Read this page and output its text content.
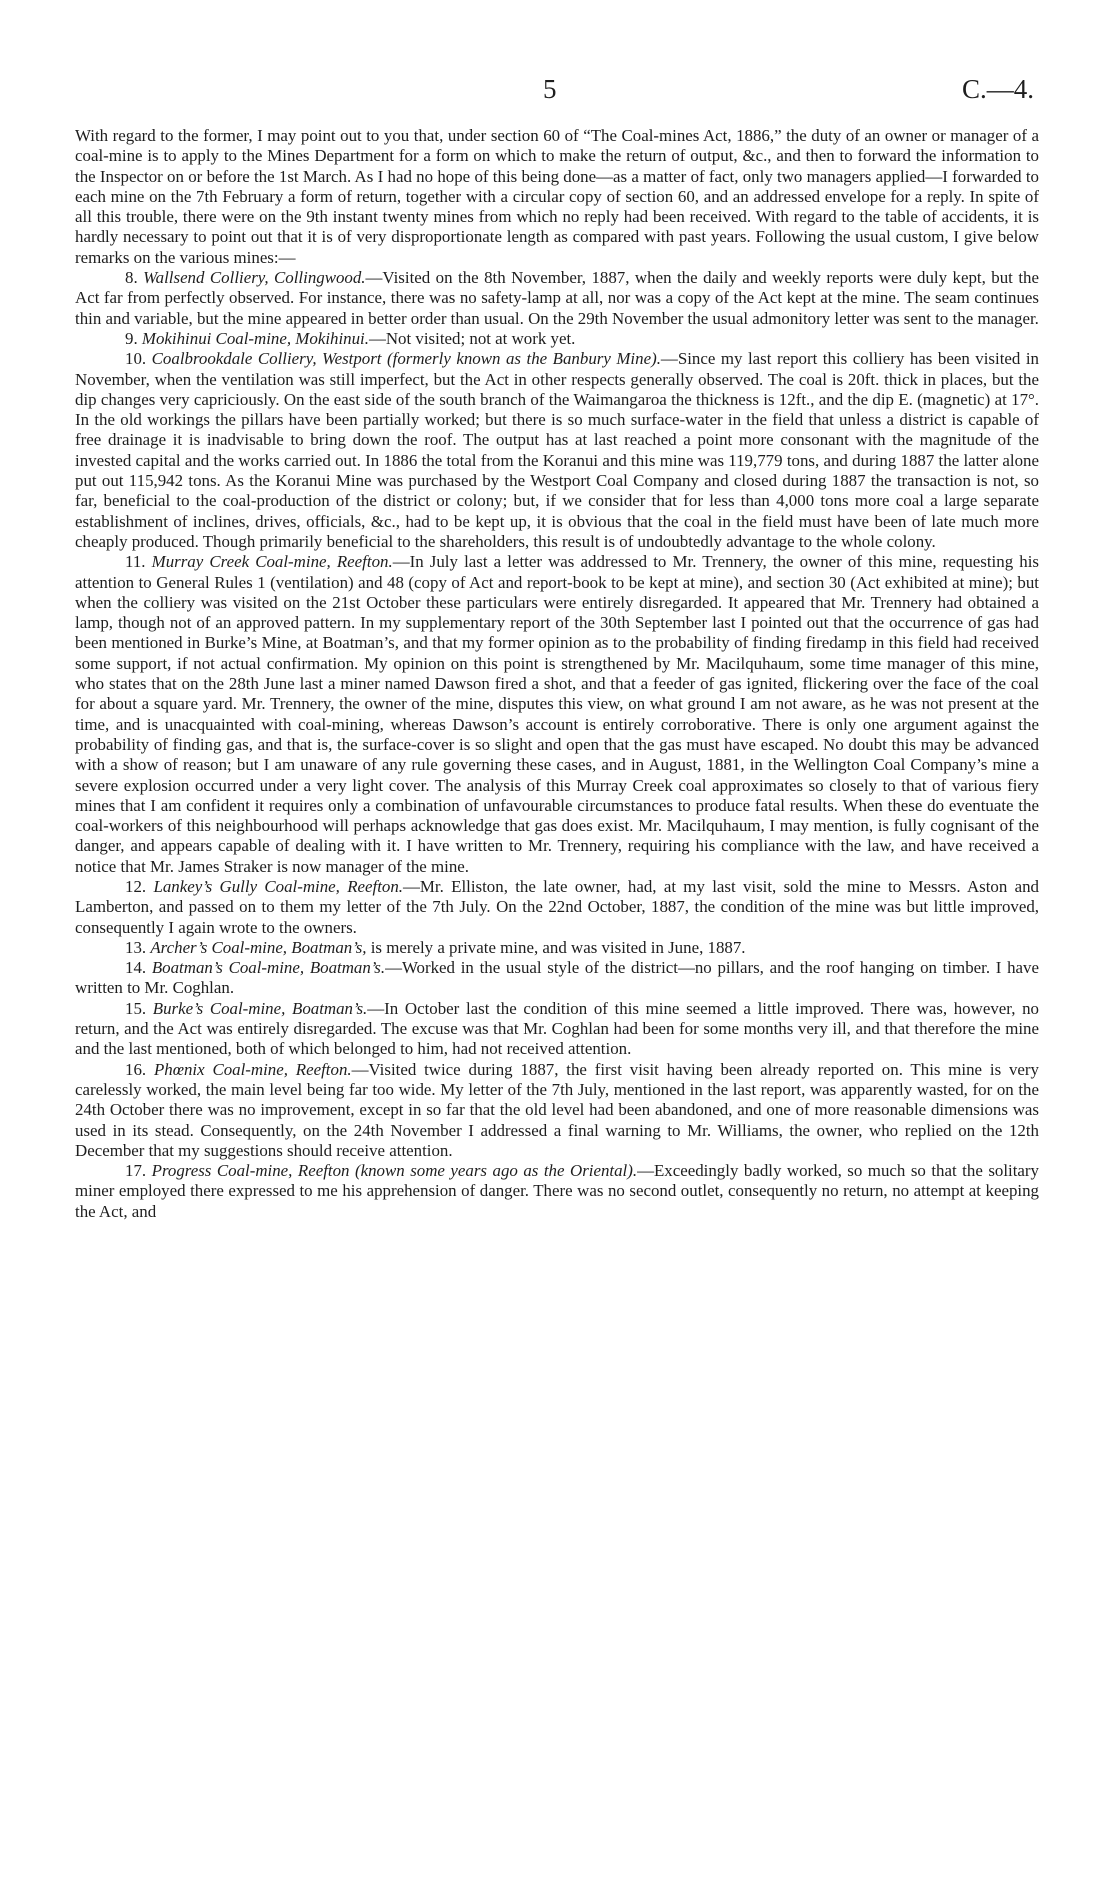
5	C.—4.

With regard to the former, I may point out to you that, under section 60 of “The Coal-mines Act, 1886,” the duty of an owner or manager of a coal-mine is to apply to the Mines Department for a form on which to make the return of output, &c., and then to forward the information to the Inspector on or before the 1st March. As I had no hope of this being done—as a matter of fact, only two managers applied—I forwarded to each mine on the 7th February a form of return, together with a circular copy of section 60, and an addressed envelope for a reply. In spite of all this trouble, there were on the 9th instant twenty mines from which no reply had been received. With regard to the table of accidents, it is hardly necessary to point out that it is of very disproportionate length as compared with past years. Following the usual custom, I give below remarks on the various mines:—

8. Wallsend Colliery, Collingwood.—Visited on the 8th November, 1887, when the daily and weekly reports were duly kept, but the Act far from perfectly observed. For instance, there was no safety-lamp at all, nor was a copy of the Act kept at the mine. The seam continues thin and variable, but the mine appeared in better order than usual. On the 29th November the usual admonitory letter was sent to the manager.

9. Mokihinui Coal-mine, Mokihinui.—Not visited; not at work yet.

10. Coalbrookdale Colliery, Westport (formerly known as the Banbury Mine).—Since my last report this colliery has been visited in November, when the ventilation was still imperfect, but the Act in other respects generally observed. The coal is 20ft. thick in places, but the dip changes very capriciously. On the east side of the south branch of the Waimangaroa the thickness is 12ft., and the dip E. (magnetic) at 17°. In the old workings the pillars have been partially worked; but there is so much surface-water in the field that unless a district is capable of free drainage it is inadvisable to bring down the roof. The output has at last reached a point more consonant with the magnitude of the invested capital and the works carried out. In 1886 the total from the Koranui and this mine was 119,779 tons, and during 1887 the latter alone put out 115,942 tons. As the Koranui Mine was purchased by the Westport Coal Company and closed during 1887 the transaction is not, so far, beneficial to the coal-production of the district or colony; but, if we consider that for less than 4,000 tons more coal a large separate establishment of inclines, drives, officials, &c., had to be kept up, it is obvious that the coal in the field must have been of late much more cheaply produced. Though primarily beneficial to the shareholders, this result is of undoubtedly advantage to the whole colony.

11. Murray Creek Coal-mine, Reefton.—In July last a letter was addressed to Mr. Trennery, the owner of this mine, requesting his attention to General Rules 1 (ventilation) and 48 (copy of Act and report-book to be kept at mine), and section 30 (Act exhibited at mine); but when the colliery was visited on the 21st October these particulars were entirely disregarded. It appeared that Mr. Trennery had obtained a lamp, though not of an approved pattern. In my supplementary report of the 30th September last I pointed out that the occurrence of gas had been mentioned in Burke’s Mine, at Boatman’s, and that my former opinion as to the probability of finding firedamp in this field had received some support, if not actual confirmation. My opinion on this point is strengthened by Mr. Macilquhaum, some time manager of this mine, who states that on the 28th June last a miner named Dawson fired a shot, and that a feeder of gas ignited, flickering over the face of the coal for about a square yard. Mr. Trennery, the owner of the mine, disputes this view, on what ground I am not aware, as he was not present at the time, and is unacquainted with coal-mining, whereas Dawson’s account is entirely corroborative. There is only one argument against the probability of finding gas, and that is, the surface-cover is so slight and open that the gas must have escaped. No doubt this may be advanced with a show of reason; but I am unaware of any rule governing these cases, and in August, 1881, in the Wellington Coal Company’s mine a severe explosion occurred under a very light cover. The analysis of this Murray Creek coal approximates so closely to that of various fiery mines that I am confident it requires only a combination of unfavourable circumstances to produce fatal results. When these do eventuate the coal-workers of this neighbourhood will perhaps acknowledge that gas does exist. Mr. Macilquhaum, I may mention, is fully cognisant of the danger, and appears capable of dealing with it. I have written to Mr. Trennery, requiring his compliance with the law, and have received a notice that Mr. James Straker is now manager of the mine.

12. Lankey’s Gully Coal-mine, Reefton.—Mr. Elliston, the late owner, had, at my last visit, sold the mine to Messrs. Aston and Lamberton, and passed on to them my letter of the 7th July. On the 22nd October, 1887, the condition of the mine was but little improved, consequently I again wrote to the owners.

13. Archer’s Coal-mine, Boatman’s, is merely a private mine, and was visited in June, 1887.

14. Boatman’s Coal-mine, Boatman’s.—Worked in the usual style of the district—no pillars, and the roof hanging on timber. I have written to Mr. Coghlan.

15. Burke’s Coal-mine, Boatman’s.—In October last the condition of this mine seemed a little improved. There was, however, no return, and the Act was entirely disregarded. The excuse was that Mr. Coghlan had been for some months very ill, and that therefore the mine and the last mentioned, both of which belonged to him, had not received attention.

16. Phœnix Coal-mine, Reefton.—Visited twice during 1887, the first visit having been already reported on. This mine is very carelessly worked, the main level being far too wide. My letter of the 7th July, mentioned in the last report, was apparently wasted, for on the 24th October there was no improvement, except in so far that the old level had been abandoned, and one of more reasonable dimensions was used in its stead. Consequently, on the 24th November I addressed a final warning to Mr. Williams, the owner, who replied on the 12th December that my suggestions should receive attention.

17. Progress Coal-mine, Reefton (known some years ago as the Oriental).—Exceedingly badly worked, so much so that the solitary miner employed there expressed to me his apprehension of danger. There was no second outlet, consequently no return, no attempt at keeping the Act, and
